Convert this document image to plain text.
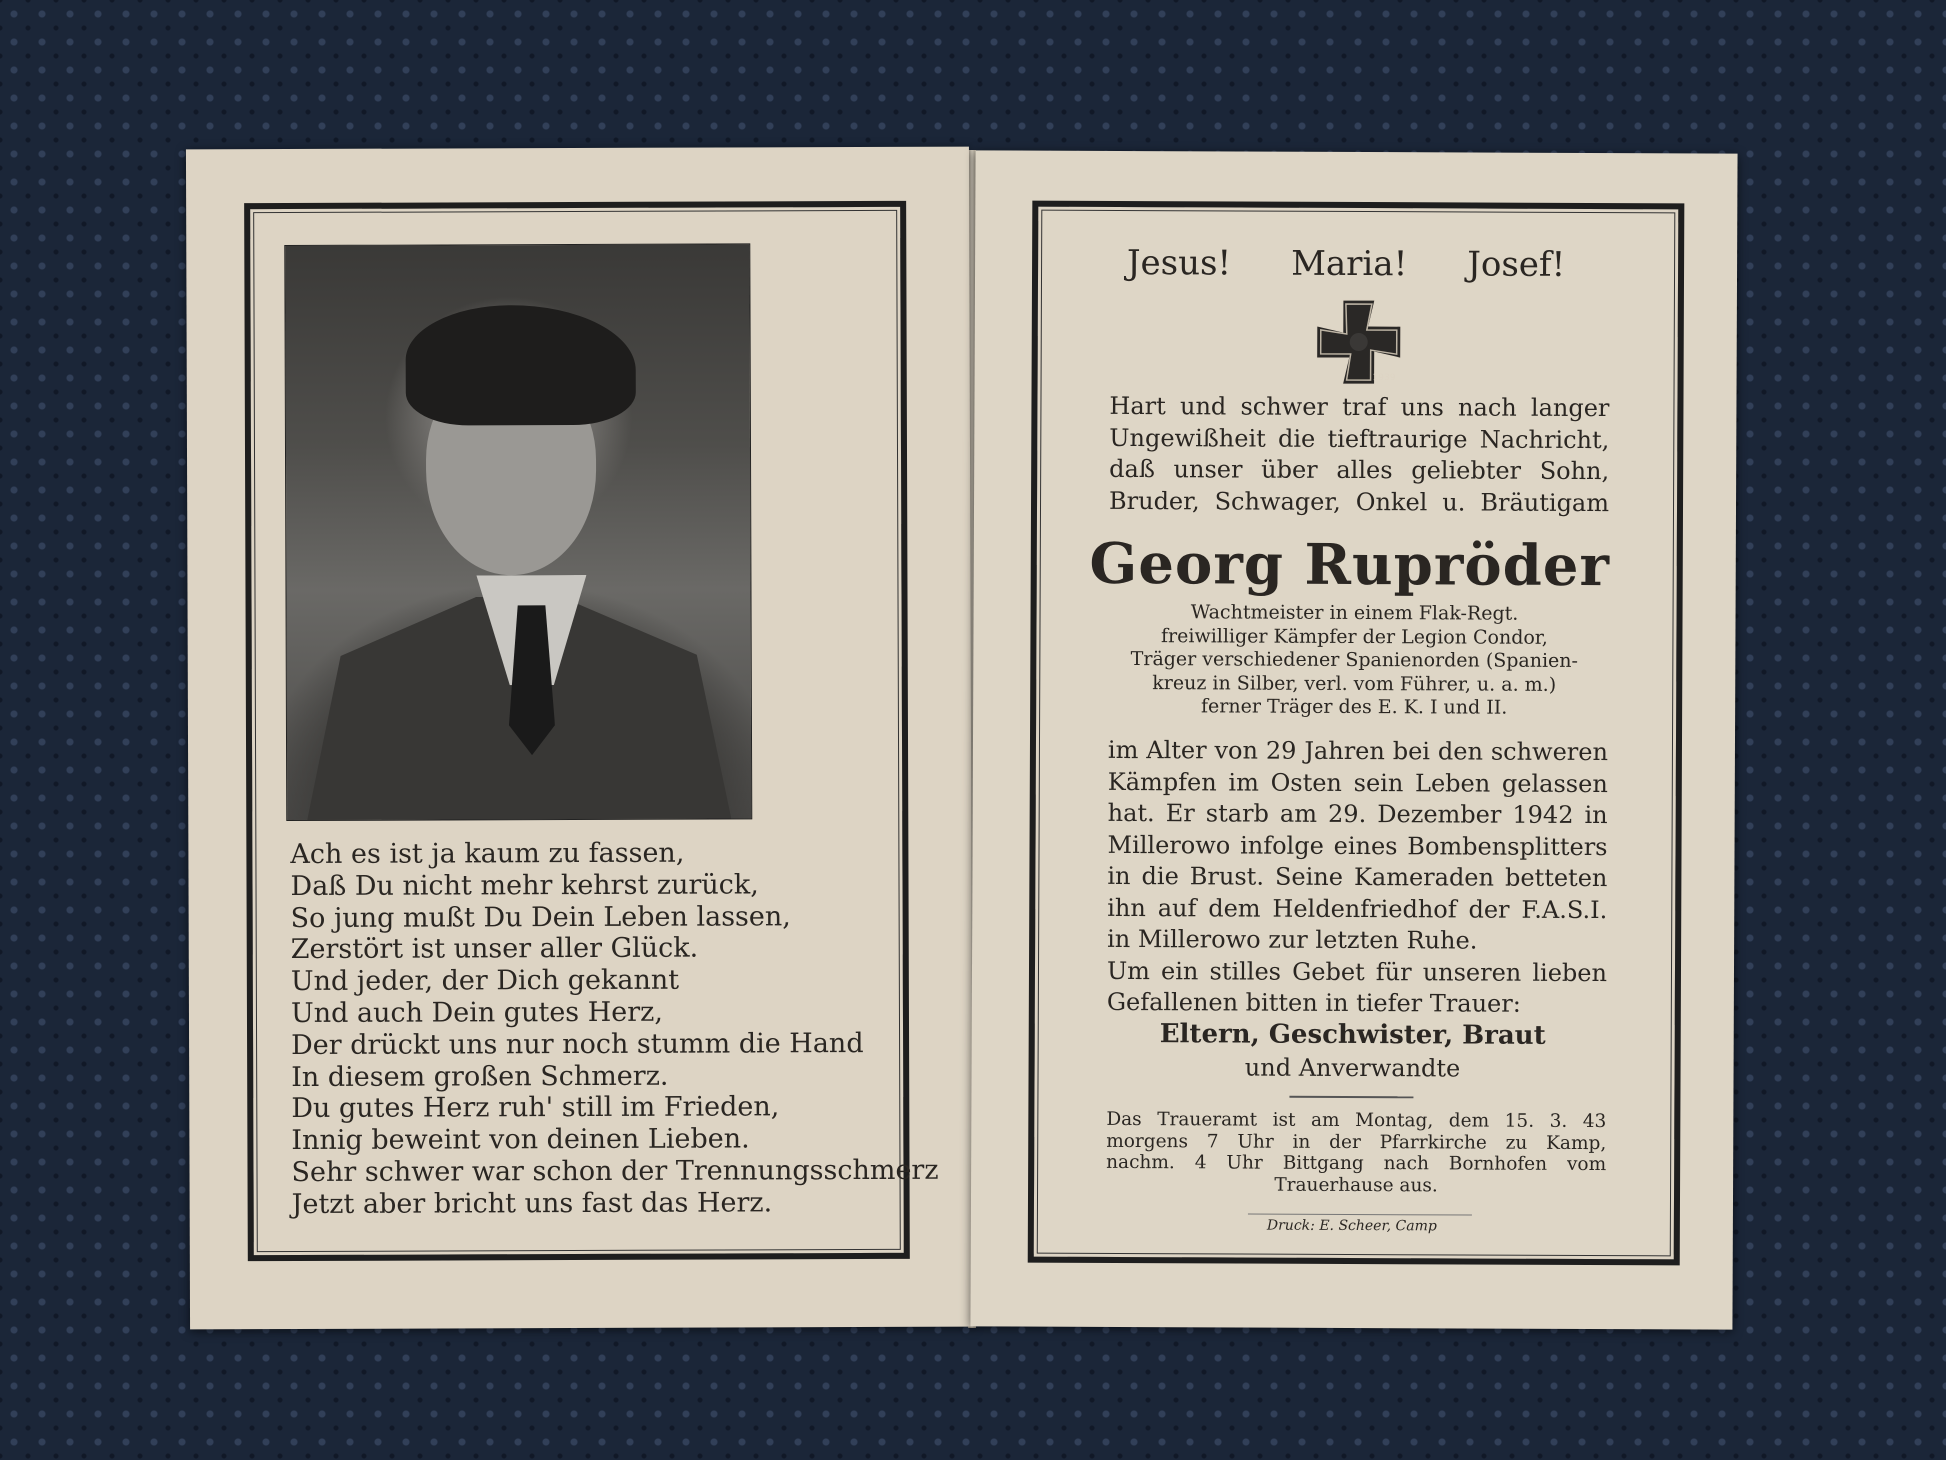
Ach es ist ja kaum zu fassen,
Daß Du nicht mehr kehrst zurück,
So jung mußt Du Dein Leben lassen,
Zerstört ist unser aller Glück.
Und jeder, der Dich gekannt
Und auch Dein gutes Herz,
Der drückt uns nur noch stumm die Hand
In diesem großen Schmerz.
Du gutes Herz ruh' still im Frieden,
Innig beweint von deinen Lieben.
Sehr schwer war schon der Trennungsschmerz
Jetzt aber bricht uns fast das Herz.
Jesus! Maria! Josef!
1939
Hart und schwer traf uns nach langer
Ungewißheit die tieftraurige Nachricht,
daß unser über alles geliebter Sohn,
Bruder, Schwager, Onkel u. Bräutigam
Georg Rupröder
Wachtmeister in einem Flak-Regt.
freiwilliger Kämpfer der Legion Condor,
Träger verschiedener Spanienorden (Spanien-
kreuz in Silber, verl. vom Führer, u. a. m.)
ferner Träger des E. K. I und II.
im Alter von 29 Jahren bei den schweren
Kämpfen im Osten sein Leben gelassen
hat. Er starb am 29. Dezember 1942 in
Millerowo infolge eines Bombensplitters
in die Brust. Seine Kameraden betteten
ihn auf dem Heldenfriedhof der F.A.S.I.
in Millerowo zur letzten Ruhe.
Um ein stilles Gebet für unseren lieben
Gefallenen bitten in tiefer Trauer:
Eltern, Geschwister, Braut
und Anverwandte
Das Traueramt ist am Montag, dem 15. 3. 43
morgens 7 Uhr in der Pfarrkirche zu Kamp,
nachm. 4 Uhr Bittgang nach Bornhofen vom
Trauerhause aus.
Druck: E. Scheer, Camp
